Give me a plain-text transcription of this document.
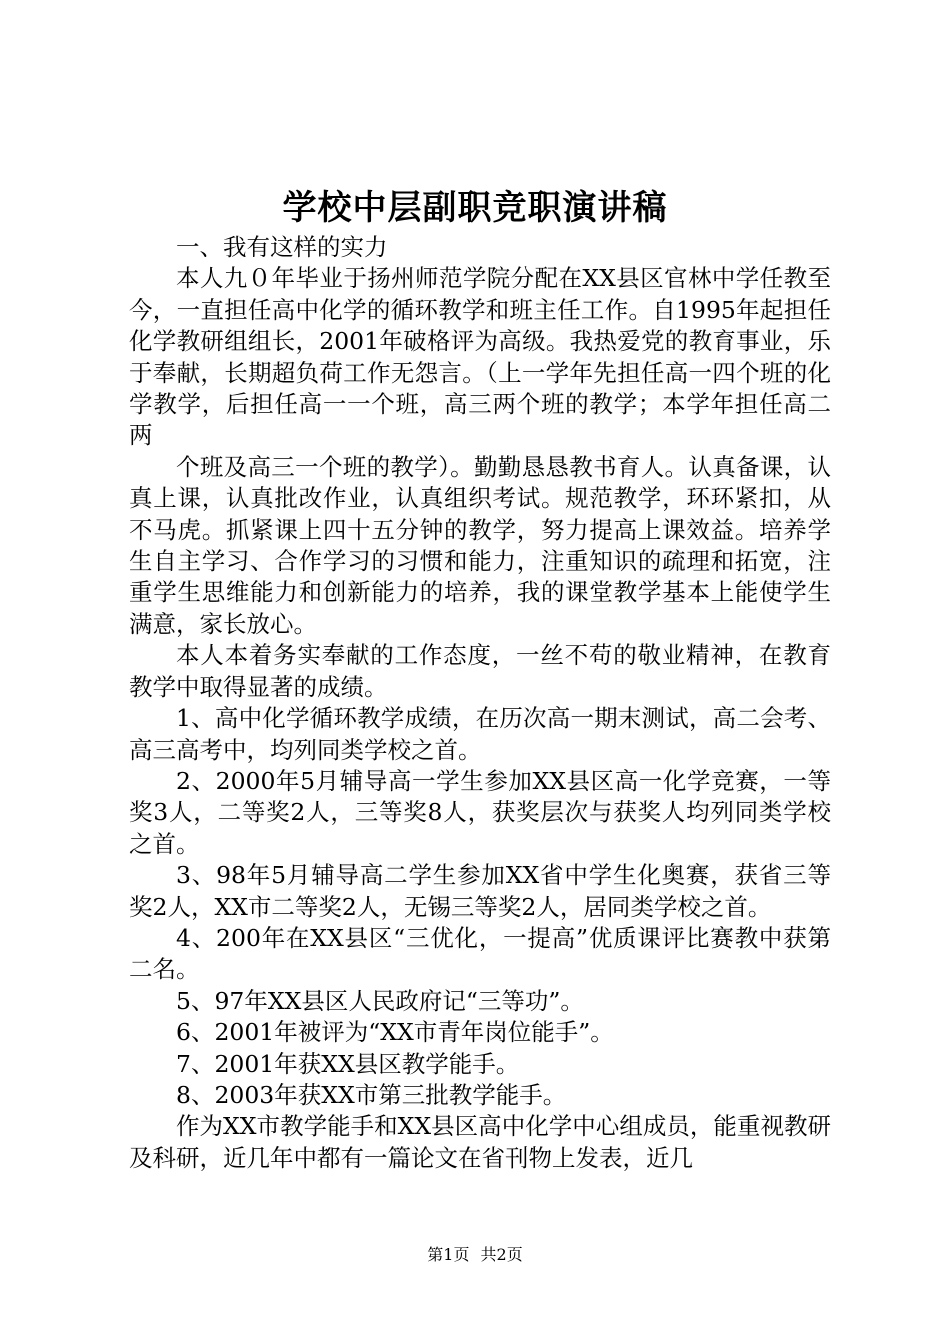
学校中层副职竞职演讲稿

一、我有这样的实力

本人九０年毕业于扬州师范学院分配在XX县区官林中学任教至今，一直担任高中化学的循环教学和班主任工作。自1995年起担任化学教研组组长，2001年破格评为高级。我热爱党的教育事业，乐于奉献，长期超负荷工作无怨言。（上一学年先担任高一四个班的化学教学，后担任高一一个班，高三两个班的教学；本学年担任高二两

个班及高三一个班的教学）。勤勤恳恳教书育人。认真备课，认真上课，认真批改作业，认真组织考试。规范教学，环环紧扣，从不马虎。抓紧课上四十五分钟的教学，努力提高上课效益。培养学生自主学习、合作学习的习惯和能力，注重知识的疏理和拓宽，注重学生思维能力和创新能力的培养，我的课堂教学基本上能使学生满意，家长放心。

本人本着务实奉献的工作态度，一丝不苟的敬业精神，在教育教学中取得显著的成绩。

1、高中化学循环教学成绩，在历次高一期末测试，高二会考、高三高考中，均列同类学校之首。

2、2000年5月辅导高一学生参加XX县区高一化学竞赛，一等奖3人，二等奖2人，三等奖8人，获奖层次与获奖人均列同类学校之首。

3、98年5月辅导高二学生参加XX省中学生化奥赛，获省三等奖2人，XX市二等奖2人，无锡三等奖2人，居同类学校之首。

4、200年在XX县区“三优化，一提高”优质课评比赛教中获第二名。

5、97年XX县区人民政府记“三等功”。

6、2001年被评为“XX市青年岗位能手”。

7、2001年获XX县区教学能手。

8、2003年获XX市第三批教学能手。

作为XX市教学能手和XX县区高中化学中心组成员，能重视教研及科研，近几年中都有一篇论文在省刊物上发表，近几

第1页 共2页
